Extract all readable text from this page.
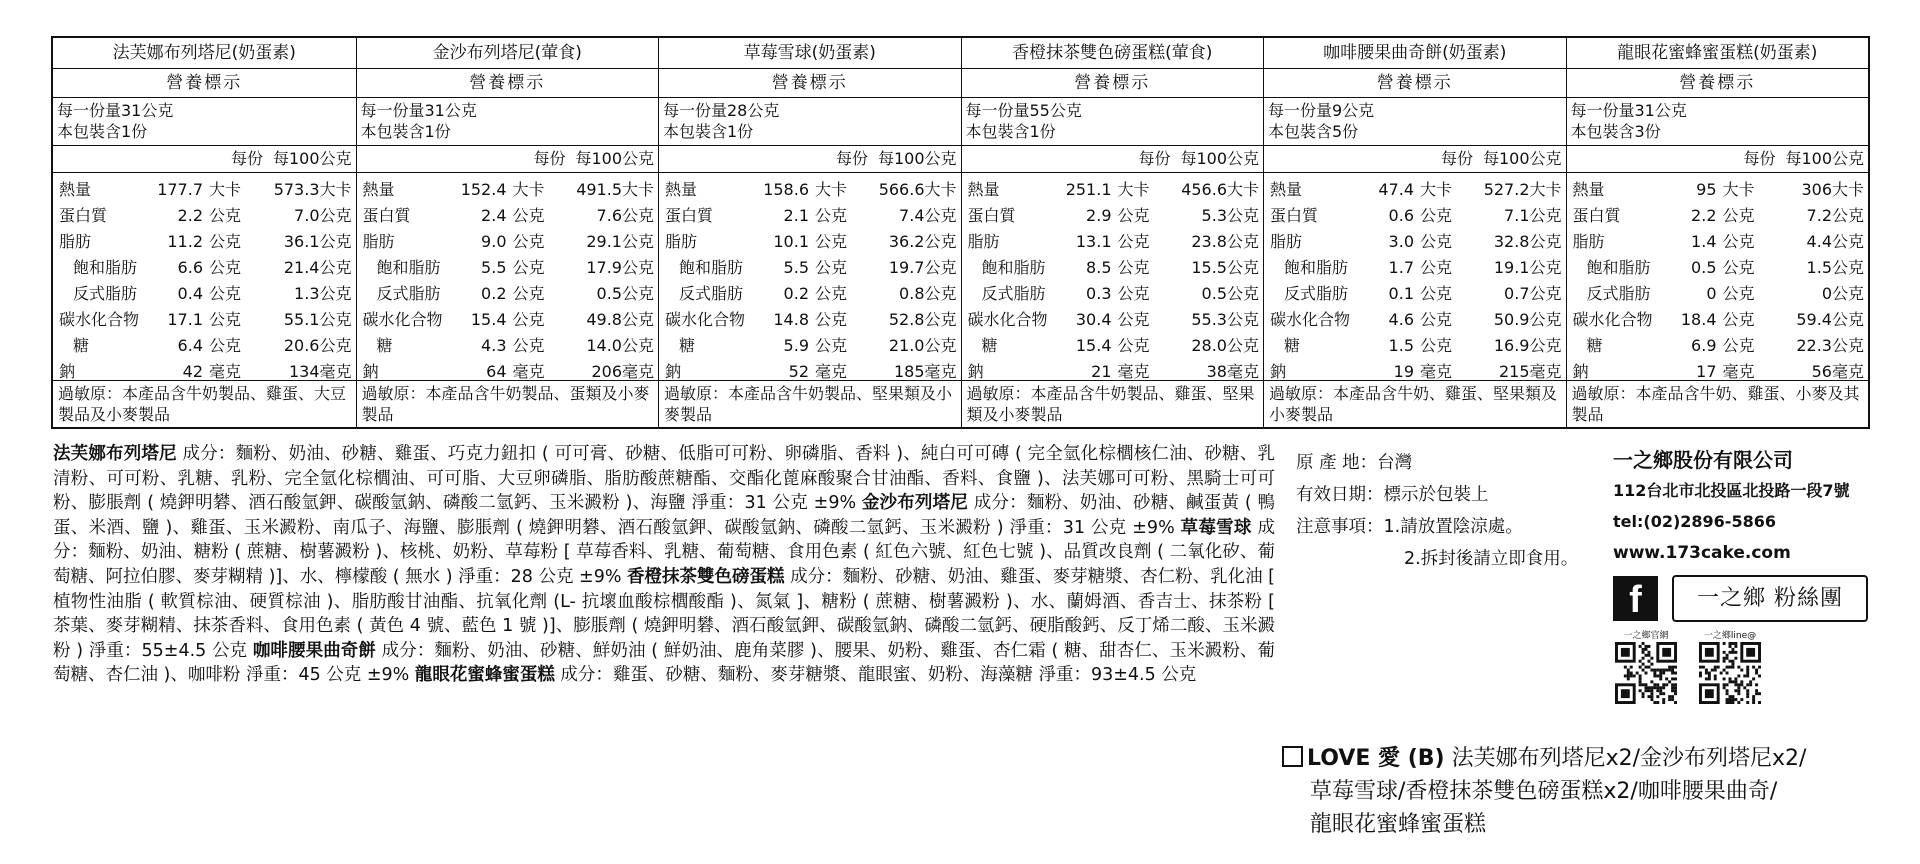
法芙娜布列塔尼(奶蛋素)
營養標示
每一份量31公克
本包裝含1份
每份 每100公克
熱量	177.7 大卡	573.3大卡
蛋白質	2.2 公克	7.0公克
脂肪	11.2 公克	36.1公克
飽和脂肪	6.6 公克	21.4公克
反式脂肪	0.4 公克	1.3公克
碳水化合物	17.1 公克	55.1公克
糖	6.4 公克	20.6公克
鈉	42 毫克	134毫克
過敏原：本產品含牛奶製品、雞蛋、大豆製品及小麥製品
金沙布列塔尼(葷食)
營養標示
每一份量31公克
本包裝含1份
每份 每100公克
熱量	152.4 大卡	491.5大卡
蛋白質	2.4 公克	7.6公克
脂肪	9.0 公克	29.1公克
飽和脂肪	5.5 公克	17.9公克
反式脂肪	0.2 公克	0.5公克
碳水化合物	15.4 公克	49.8公克
糖	4.3 公克	14.0公克
鈉	64 毫克	206毫克
過敏原：本產品含牛奶製品、蛋類及小麥製品
草莓雪球(奶蛋素)
營養標示
每一份量28公克
本包裝含1份
每份 每100公克
熱量	158.6 大卡	566.6大卡
蛋白質	2.1 公克	7.4公克
脂肪	10.1 公克	36.2公克
飽和脂肪	5.5 公克	19.7公克
反式脂肪	0.2 公克	0.8公克
碳水化合物	14.8 公克	52.8公克
糖	5.9 公克	21.0公克
鈉	52 毫克	185毫克
過敏原：本產品含牛奶製品、堅果類及小麥製品
香橙抹茶雙色磅蛋糕(葷食)
營養標示
每一份量55公克
本包裝含1份
每份 每100公克
熱量	251.1 大卡	456.6大卡
蛋白質	2.9 公克	5.3公克
脂肪	13.1 公克	23.8公克
飽和脂肪	8.5 公克	15.5公克
反式脂肪	0.3 公克	0.5公克
碳水化合物	30.4 公克	55.3公克
糖	15.4 公克	28.0公克
鈉	21 毫克	38毫克
過敏原：本產品含牛奶製品、雞蛋、堅果類及小麥製品
咖啡腰果曲奇餅(奶蛋素)
營養標示
每一份量9公克
本包裝含5份
每份 每100公克
熱量	47.4 大卡	527.2大卡
蛋白質	0.6 公克	7.1公克
脂肪	3.0 公克	32.8公克
飽和脂肪	1.7 公克	19.1公克
反式脂肪	0.1 公克	0.7公克
碳水化合物	4.6 公克	50.9公克
糖	1.5 公克	16.9公克
鈉	19 毫克	215毫克
過敏原：本產品含牛奶、雞蛋、堅果類及小麥製品
龍眼花蜜蜂蜜蛋糕(奶蛋素)
營養標示
每一份量31公克
本包裝含3份
每份 每100公克
熱量	95 大卡	306大卡
蛋白質	2.2 公克	7.2公克
脂肪	1.4 公克	4.4公克
飽和脂肪	0.5 公克	1.5公克
反式脂肪	0 公克	0公克
碳水化合物	18.4 公克	59.4公克
糖	6.9 公克	22.3公克
鈉	17 毫克	56毫克
過敏原：本產品含牛奶、雞蛋、小麥及其製品
法芙娜布列塔尼 成分：麵粉、奶油、砂糖、雞蛋、巧克力鈕扣 ( 可可膏、砂糖、低脂可可粉、卵磷脂、香料 )、純白可可磚 ( 完全氫化棕櫚核仁油、砂糖、乳清粉、可可粉、乳糖、乳粉、完全氫化棕櫚油、可可脂、大豆卵磷脂、脂肪酸蔗糖酯、交酯化蓖麻酸聚合甘油酯、香料、食鹽 )、法芙娜可可粉、黑騎士可可粉、膨脹劑 ( 燒鉀明礬、酒石酸氫鉀、碳酸氫鈉、磷酸二氫鈣、玉米澱粉 )、海鹽 淨重：31 公克 ±9% 金沙布列塔尼 成分：麵粉、奶油、砂糖、鹹蛋黃 ( 鴨蛋、米酒、鹽 )、雞蛋、玉米澱粉、南瓜子、海鹽、膨脹劑 ( 燒鉀明礬、酒石酸氫鉀、碳酸氫鈉、磷酸二氫鈣、玉米澱粉 ) 淨重：31 公克 ±9% 草莓雪球 成分：麵粉、奶油、糖粉 ( 蔗糖、樹薯澱粉 )、核桃、奶粉、草莓粉 [ 草莓香料、乳糖、葡萄糖、食用色素 ( 紅色六號、紅色七號 )、品質改良劑 ( 二氧化矽、葡萄糖、阿拉伯膠、麥芽糊精 )]、水、檸檬酸 ( 無水 ) 淨重：28 公克 ±9% 香橙抹茶雙色磅蛋糕 成分：麵粉、砂糖、奶油、雞蛋、麥芽糖漿、杏仁粉、乳化油 [ 植物性油脂 ( 軟質棕油、硬質棕油 )、脂肪酸甘油酯、抗氧化劑 (L- 抗壞血酸棕櫚酸酯 )、氮氣 ]、糖粉 ( 蔗糖、樹薯澱粉 )、水、蘭姆酒、香吉士、抹茶粉 [ 茶葉、麥芽糊精、抹茶香料、食用色素 ( 黃色 4 號、藍色 1 號 )]、膨脹劑 ( 燒鉀明礬、酒石酸氫鉀、碳酸氫鈉、磷酸二氫鈣、硬脂酸鈣、反丁烯二酸、玉米澱粉 ) 淨重：55±4.5 公克 咖啡腰果曲奇餅 成分：麵粉、奶油、砂糖、鮮奶油 ( 鮮奶油、鹿角菜膠 )、腰果、奶粉、雞蛋、杏仁霜 ( 糖、甜杏仁、玉米澱粉、葡萄糖、杏仁油 )、咖啡粉 淨重：45 公克 ±9% 龍眼花蜜蜂蜜蛋糕 成分：雞蛋、砂糖、麵粉、麥芽糖漿、龍眼蜜、奶粉、海藻糖 淨重：93±4.5 公克
原 產 地：台灣
有效日期：標示於包裝上
注意事項：1.請放置陰涼處。
2.拆封後請立即食用。
一之鄉股份有限公司
112台北市北投區北投路一段7號
tel:(02)2896-5866
www.173cake.com
f	一之鄉 粉絲團
一之鄉官網	一之鄉line@
LOVE 愛 (B) 法芙娜布列塔尼x2/金沙布列塔尼x2/
草莓雪球/香橙抹茶雙色磅蛋糕x2/咖啡腰果曲奇/
龍眼花蜜蜂蜜蛋糕
